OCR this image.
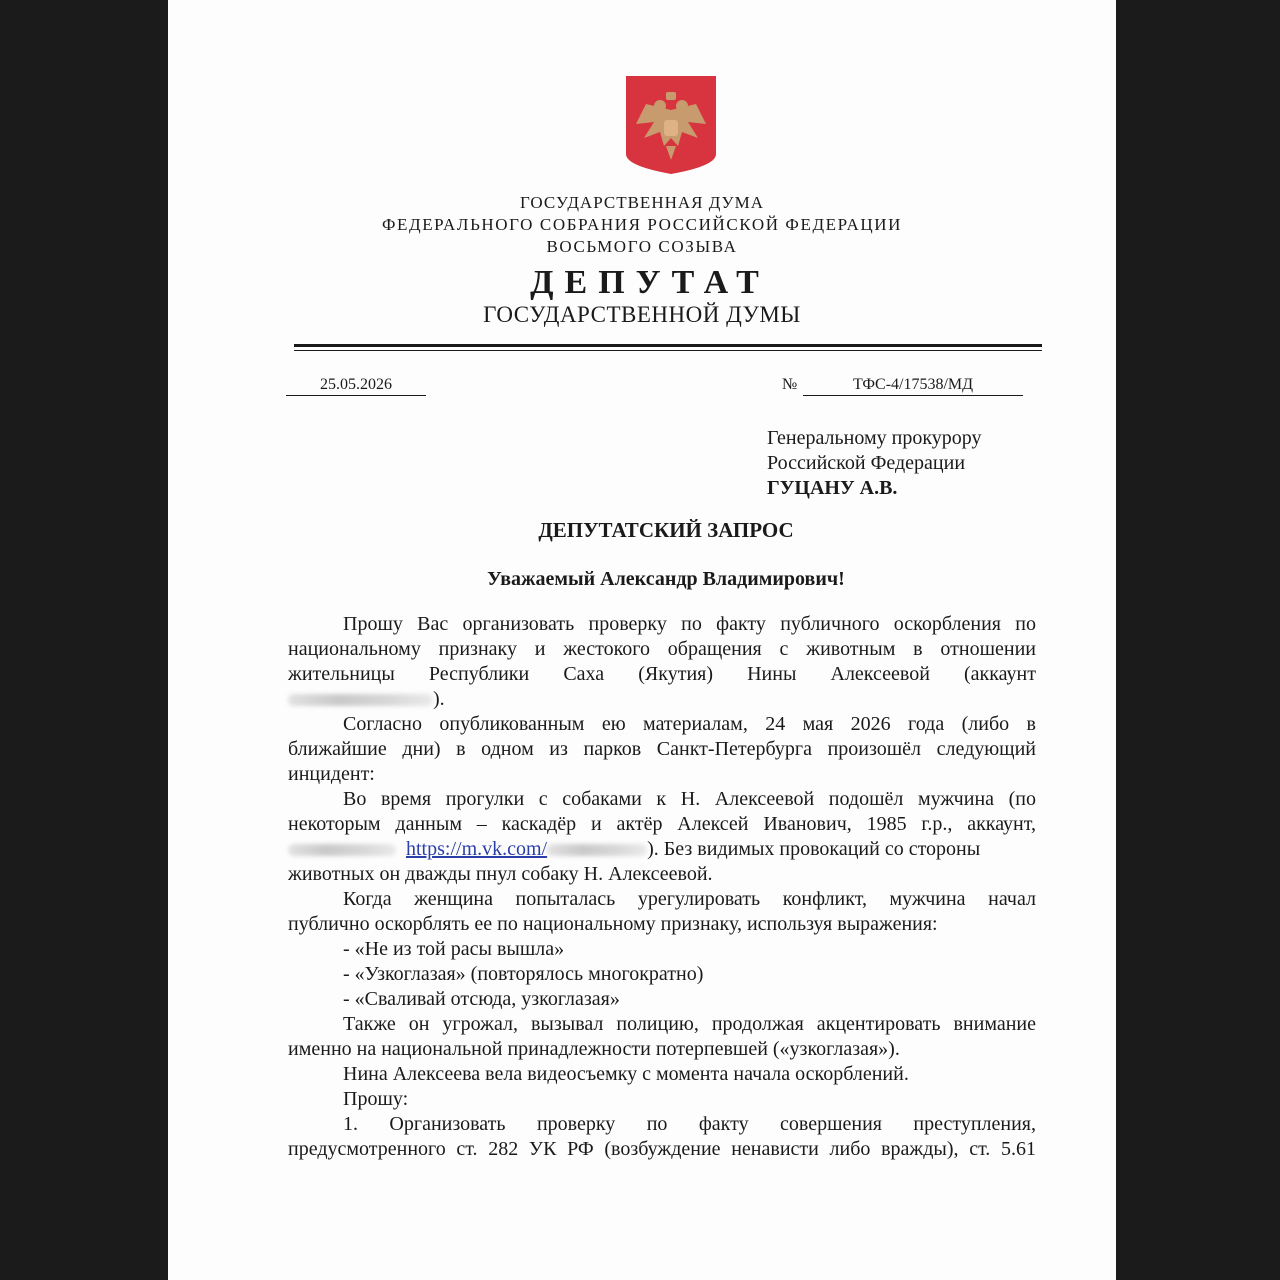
ГОСУДАРСТВЕННАЯ ДУМА
ФЕДЕРАЛЬНОГО СОБРАНИЯ РОССИЙСКОЙ ФЕДЕРАЦИИ
ВОСЬМОГО СОЗЫВА
ДЕПУТАТ
ГОСУДАРСТВЕННОЙ ДУМЫ
25.05.2026	№	ТФС-4/17538/МД
Генеральному прокурору
Российской Федерации
ГУЦАНУ А.В.
ДЕПУТАТСКИЙ ЗАПРОС
Уважаемый Александр Владимирович!
Прошу Вас организовать проверку по факту публичного оскорбления по
национальному признаку и жестокого обращения с животным в отношении
жительницы Республики Саха (Якутия) Нины Алексеевой (аккаунт
).
Согласно опубликованным ею материалам, 24 мая 2026 года (либо в
ближайшие дни) в одном из парков Санкт-Петербурга произошёл следующий
инцидент:
Во время прогулки с собаками к Н. Алексеевой подошёл мужчина (по
некоторым данным – каскадёр и актёр Алексей Иванович, 1985 г.р., аккаунт,
https://m.vk.com/	). Без видимых провокаций со стороны
животных он дважды пнул собаку Н. Алексеевой.
Когда женщина попыталась урегулировать конфликт, мужчина начал
публично оскорблять ее по национальному признаку, используя выражения:
- «Не из той расы вышла»
- «Узкоглазая» (повторялось многократно)
- «Сваливай отсюда, узкоглазая»
Также он угрожал, вызывал полицию, продолжая акцентировать внимание
именно на национальной принадлежности потерпевшей («узкоглазая»).
Нина Алексеева вела видеосъемку с момента начала оскорблений.
Прошу:
1. Организовать проверку по факту совершения преступления,
предусмотренного ст. 282 УК РФ (возбуждение ненависти либо вражды), ст. 5.61
